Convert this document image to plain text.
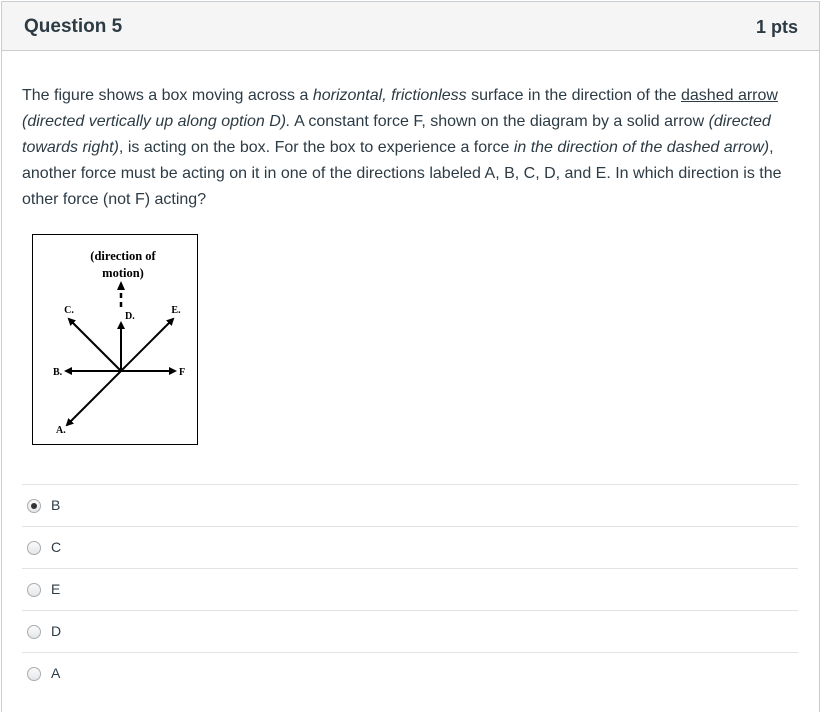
Question 5	1 pts
The figure shows a box moving across a horizontal, frictionless surface in the direction of the dashed arrow (directed vertically up along option D). A constant force F, shown on the diagram by a solid arrow (directed towards right), is acting on the box. For the box to experience a force in the direction of the dashed arrow), another force must be acting on it in one of the directions labeled A, B, C, D, and E. In which direction is the other force (not F) acting?
(direction of
motion)
C.
D.
E.
B.	F
A.
B
C
E
D
A
